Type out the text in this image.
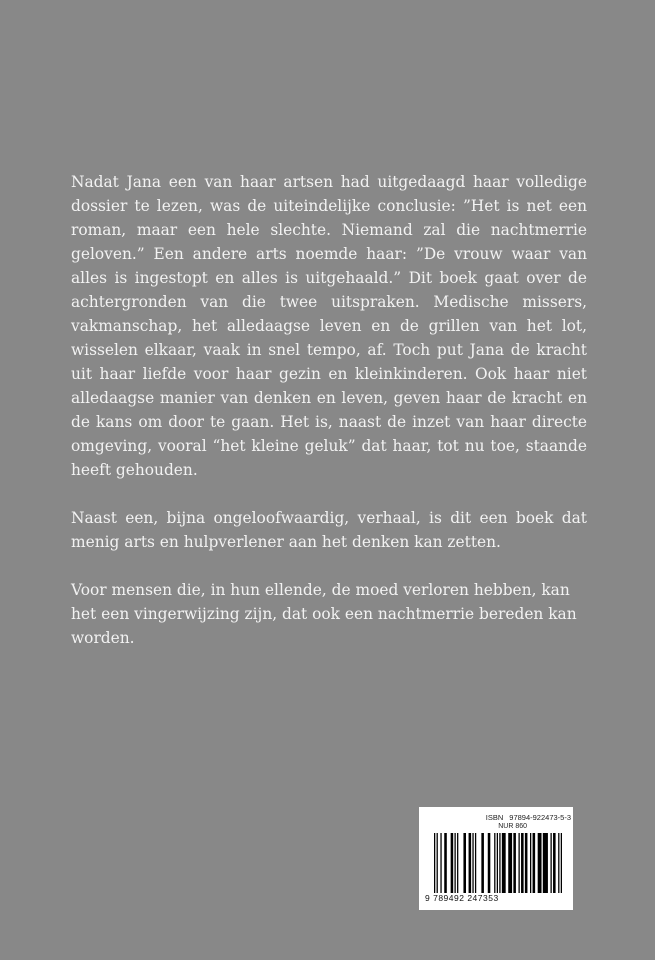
Nadat Jana een van haar artsen had uitgedaagd haar volledige dossier te lezen, was de uiteindelijke conclusie: ”Het is net een roman, maar een hele slechte. Niemand zal die nachtmerrie geloven.” Een andere arts noemde haar: ”De vrouw waar van alles is ingestopt en alles is uitgehaald.” Dit boek gaat over de achtergronden van die twee uitspraken. Medische missers, vakmanschap, het alledaagse leven en de grillen van het lot, wisselen elkaar, vaak in snel tempo, af. Toch put Jana de kracht uit haar liefde voor haar gezin en kleinkinderen. Ook haar niet alledaagse manier van denken en leven, geven haar de kracht en de kans om door te gaan. Het is, naast de inzet van haar directe omgeving, vooral “het kleine geluk” dat haar, tot nu toe, staande heeft gehouden.

Naast een, bijna ongeloofwaardig, verhaal, is dit een boek dat menig arts en hulpverlener aan het denken kan zetten.

Voor mensen die, in hun ellende, de moed verloren hebben, kan het een vingerwijzing zijn, dat ook een nachtmerrie bereden kan worden.

ISBN 97894-922473-5-3
NUR 860
9 789492 247353
